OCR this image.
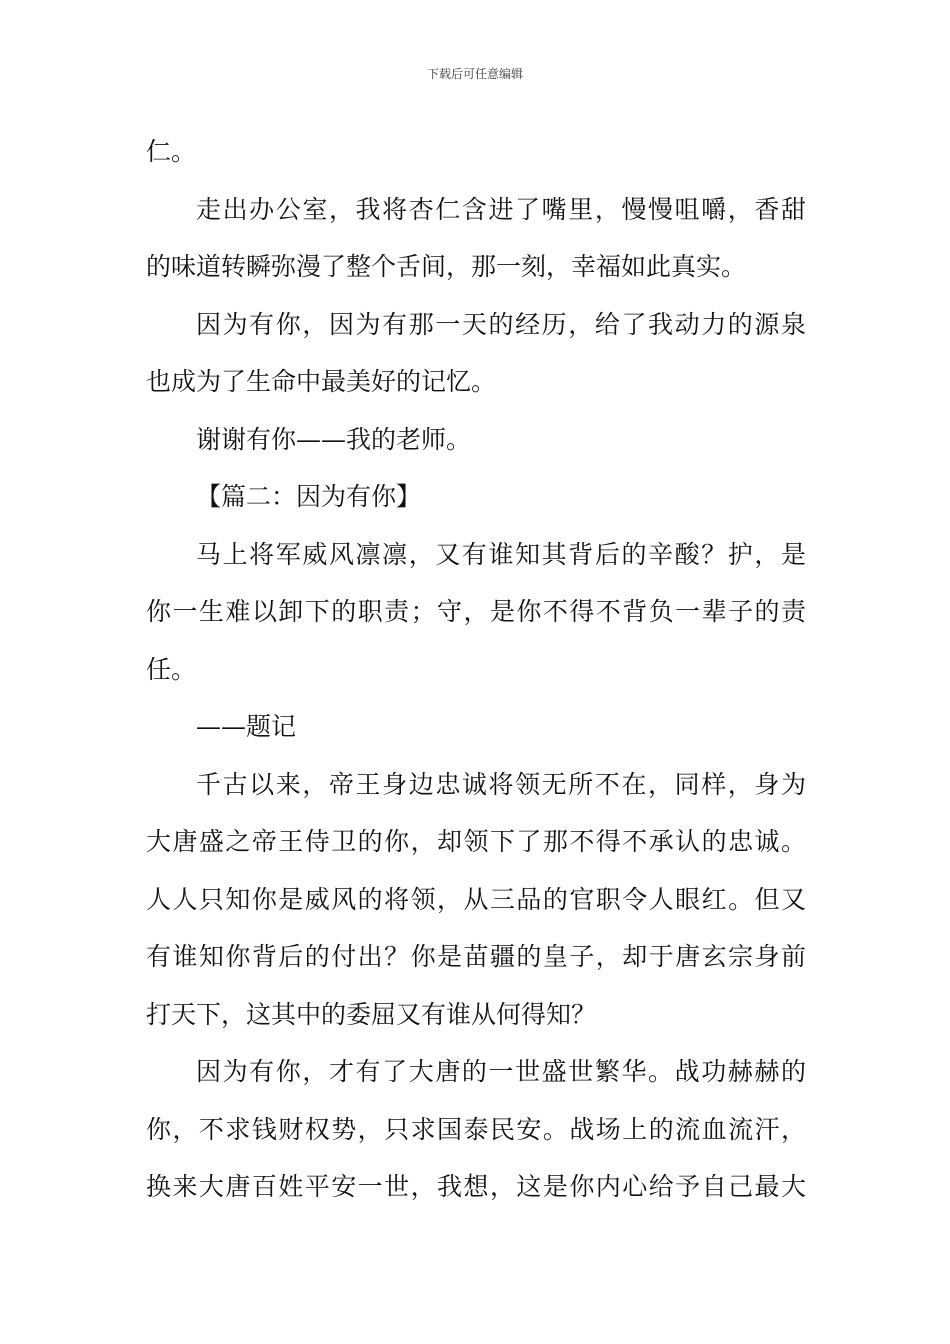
下载后可任意编辑
仁。
走出办公室，我将杏仁含进了嘴里，慢慢咀嚼，香甜
的味道转瞬弥漫了整个舌间，那一刻，幸福如此真实。
因为有你，因为有那一天的经历，给了我动力的源泉
也成为了生命中最美好的记忆。
谢谢有你——我的老师。
【篇二：因为有你】
马上将军威风凛凛，又有谁知其背后的辛酸？护，是
你一生难以卸下的职责；守，是你不得不背负一辈子的责
任。
——题记
千古以来，帝王身边忠诚将领无所不在，同样，身为
大唐盛之帝王侍卫的你，却领下了那不得不承认的忠诚。
人人只知你是威风的将领，从三品的官职令人眼红。但又
有谁知你背后的付出？你是苗疆的皇子，却于唐玄宗身前
打天下，这其中的委屈又有谁从何得知？
因为有你，才有了大唐的一世盛世繁华。战功赫赫的
你，不求钱财权势，只求国泰民安。战场上的流血流汗，
换来大唐百姓平安一世，我想，这是你内心给予自己最大
